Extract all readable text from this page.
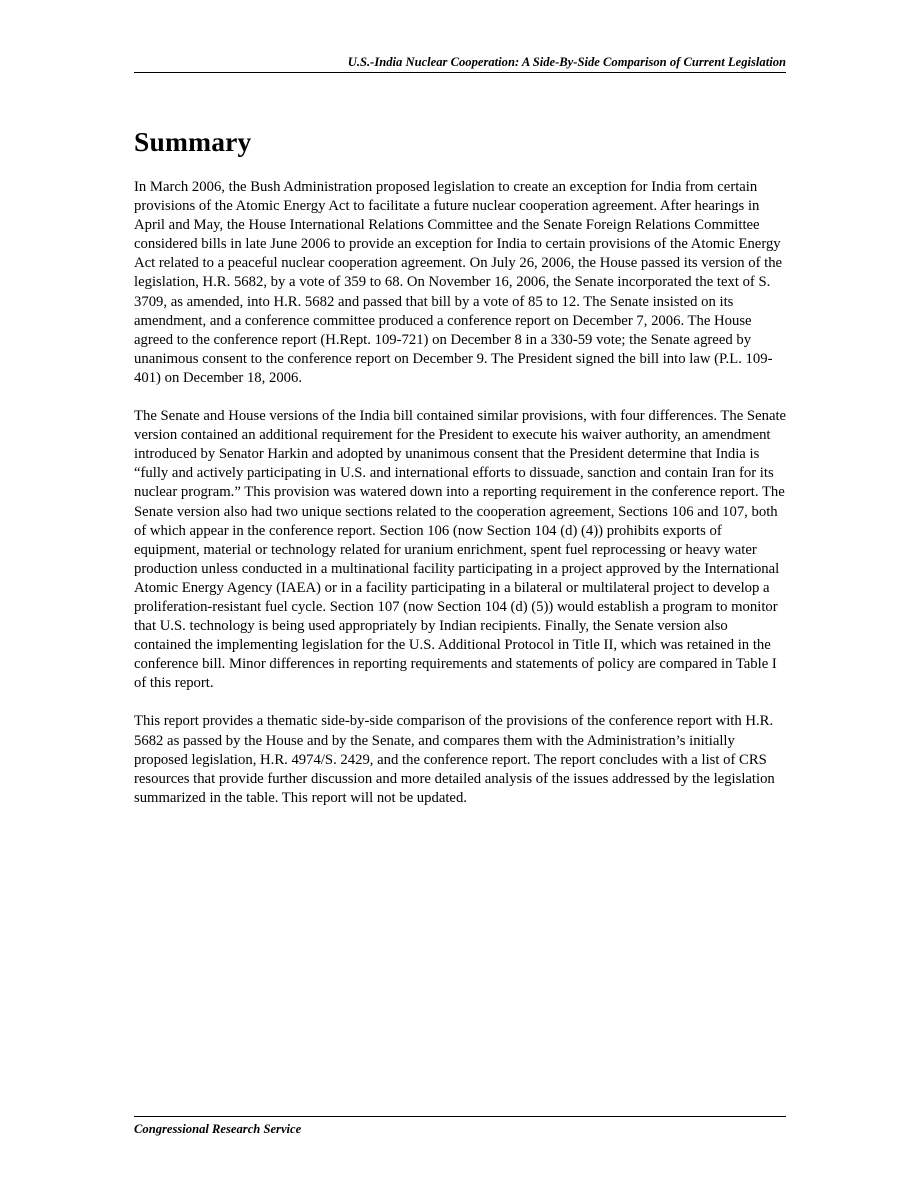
U.S.-India Nuclear Cooperation: A Side-By-Side Comparison of Current Legislation
Summary

In March 2006, the Bush Administration proposed legislation to create an exception for India from certain provisions of the Atomic Energy Act to facilitate a future nuclear cooperation agreement. After hearings in April and May, the House International Relations Committee and the Senate Foreign Relations Committee considered bills in late June 2006 to provide an exception for India to certain provisions of the Atomic Energy Act related to a peaceful nuclear cooperation agreement. On July 26, 2006, the House passed its version of the legislation, H.R. 5682, by a vote of 359 to 68. On November 16, 2006, the Senate incorporated the text of S. 3709, as amended, into H.R. 5682 and passed that bill by a vote of 85 to 12. The Senate insisted on its amendment, and a conference committee produced a conference report on December 7, 2006. The House agreed to the conference report (H.Rept. 109-721) on December 8 in a 330-59 vote; the Senate agreed by unanimous consent to the conference report on December 9. The President signed the bill into law (P.L. 109-401) on December 18, 2006.

The Senate and House versions of the India bill contained similar provisions, with four differences. The Senate version contained an additional requirement for the President to execute his waiver authority, an amendment introduced by Senator Harkin and adopted by unanimous consent that the President determine that India is “fully and actively participating in U.S. and international efforts to dissuade, sanction and contain Iran for its nuclear program.” This provision was watered down into a reporting requirement in the conference report. The Senate version also had two unique sections related to the cooperation agreement, Sections 106 and 107, both of which appear in the conference report. Section 106 (now Section 104 (d) (4)) prohibits exports of equipment, material or technology related for uranium enrichment, spent fuel reprocessing or heavy water production unless conducted in a multinational facility participating in a project approved by the International Atomic Energy Agency (IAEA) or in a facility participating in a bilateral or multilateral project to develop a proliferation-resistant fuel cycle. Section 107 (now Section 104 (d) (5)) would establish a program to monitor that U.S. technology is being used appropriately by Indian recipients. Finally, the Senate version also contained the implementing legislation for the U.S. Additional Protocol in Title II, which was retained in the conference bill. Minor differences in reporting requirements and statements of policy are compared in Table I of this report.

This report provides a thematic side-by-side comparison of the provisions of the conference report with H.R. 5682 as passed by the House and by the Senate, and compares them with the Administration’s initially proposed legislation, H.R. 4974/S. 2429, and the conference report. The report concludes with a list of CRS resources that provide further discussion and more detailed analysis of the issues addressed by the legislation summarized in the table. This report will not be updated.

Congressional Research Service
